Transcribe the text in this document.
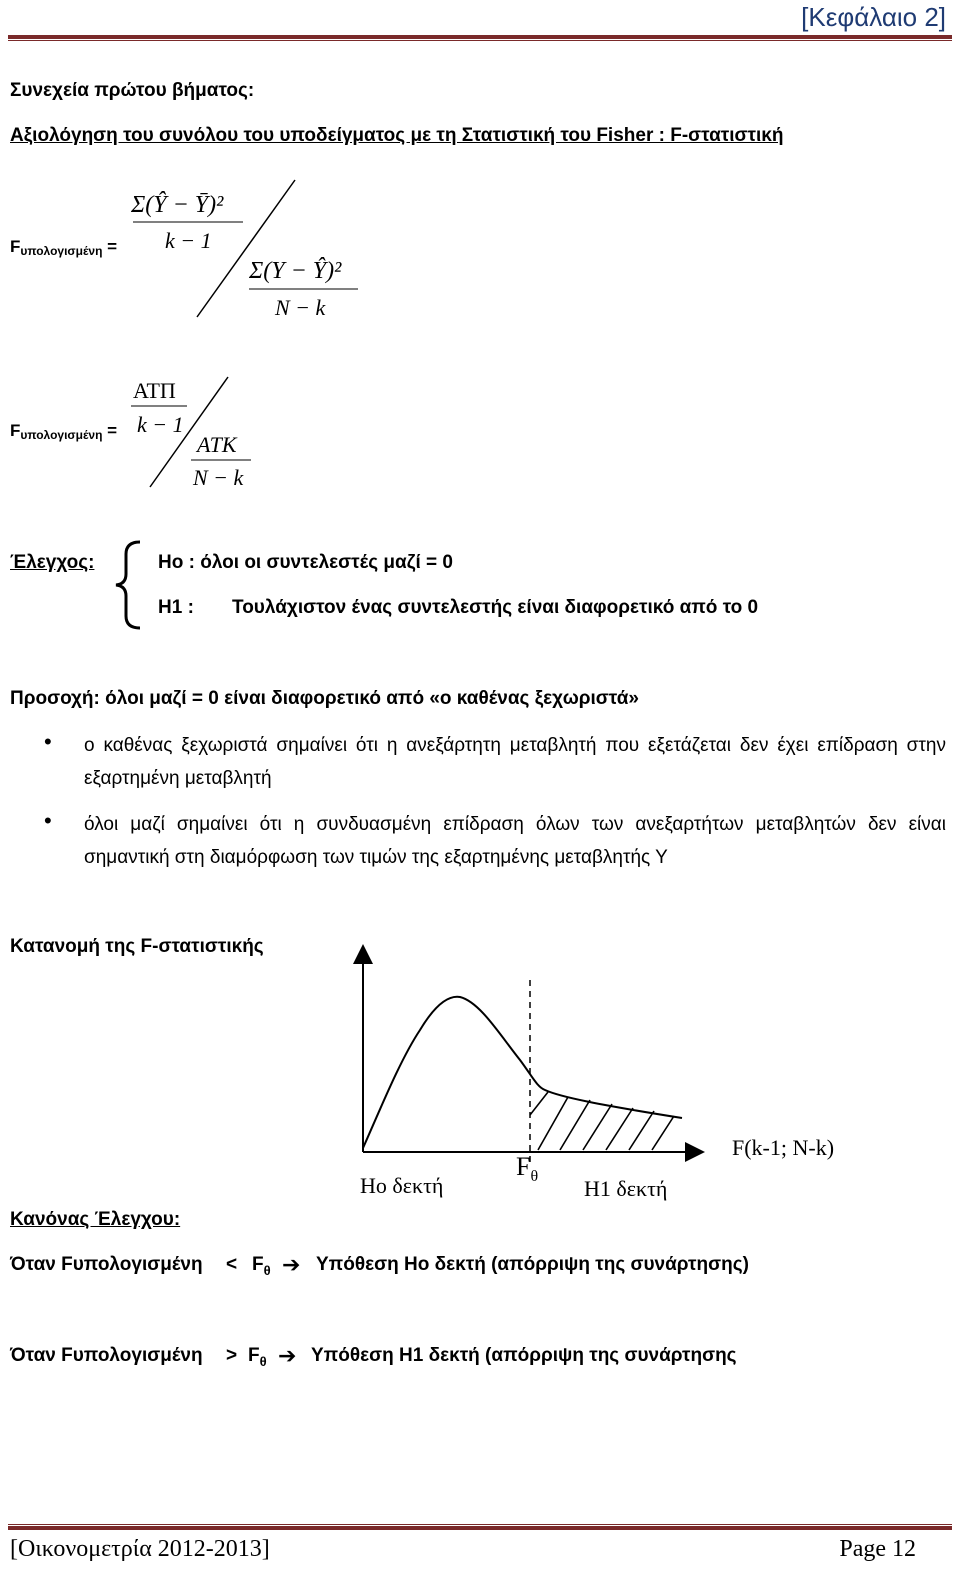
[Κεφάλαιο 2]
Συνεχεία πρώτου βήματος:
Αξιολόγηση του συνόλου του υποδείγματος με τη Στατιστική του Fisher : F-στατιστική
$F_{\upsilon\pi o\lambda o\gamma\iota\sigma\mu έ\nu\eta}$ =
Σ(Ŷ − Ȳ)²
k − 1
Σ(Y − Ŷ)²
N − k
$F_{\upsilon\pi o\lambda o\gamma\iota\sigma\mu έ\nu\eta}$ =
ΑΤΠ
k − 1
ΑΤΚ
N − k
Έλεγχος:	Ho : όλοι οι συντελεστές μαζί = 0
H1 : Τουλάχιστον ένας συντελεστής είναι διαφορετικό από το 0
Προσοχή: όλοι μαζί = 0 είναι διαφορετικό από «ο καθένας ξεχωριστά»
• ο καθένας ξεχωριστά σημαίνει ότι η ανεξάρτητη μεταβλητή που εξετάζεται δεν έχει επίδραση στην εξαρτημένη μεταβλητή
• όλοι μαζί σημαίνει ότι η συνδυασμένη επίδραση όλων των ανεξαρτήτων μεταβλητών δεν είναι σημαντική στη διαμόρφωση των τιμών της εξαρτημένης μεταβλητής Υ
Κατανομή της F-στατιστικής
F(k-1; N-k)
$F_\theta$
Ho δεκτή	H1 δεκτή
Κανόνας Έλεγχου:
Όταν $F\upsilon\pi o\lambda o\gamma\iota\sigma\mu έ\nu\eta < F_\theta$ ➔ Υπόθεση Ho δεκτή (απόρριψη της συνάρτησης)
Όταν $F\upsilon\pi o\lambda o\gamma\iota\sigma\mu έ\nu\eta > F_\theta$ ➔ Υπόθεση Η1 δεκτή (απόρριψη της συνάρτησης
[Οικονομετρία 2012-2013]	Page 12
